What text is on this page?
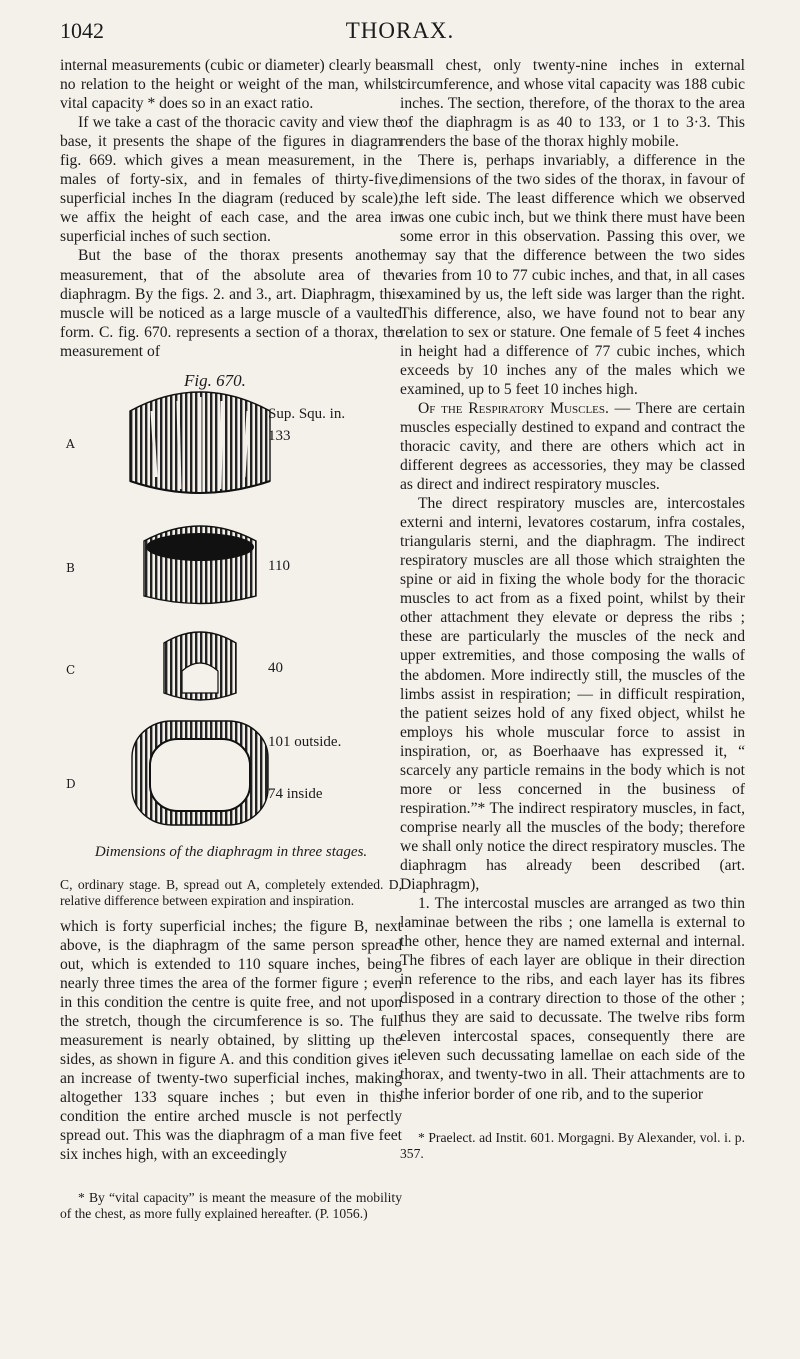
1042	THORAX.

internal measurements (cubic or diameter) clearly bear no relation to the height or weight of the man, whilst vital capacity * does so in an exact ratio.

If we take a cast of the thoracic cavity and view the base, it presents the shape of the figures in diagram fig. 669. which gives a mean measurement, in the males of forty-six, and in females of thirty-five, superficial inches In the diagram (reduced by scale), we affix the height of each case, and the area in superficial inches of such section.

But the base of the thorax presents another measurement, that of the absolute area of the diaphragm. By the figs. 2. and 3., art. Diaphragm, this muscle will be noticed as a large muscle of a vaulted form. C. fig. 670. represents a section of a thorax, the measurement of

Fig. 670.
Sup. Squ. in.
A	133
B	110
C	40
D
101 outside.
74 inside
Dimensions of the diaphragm in three stages.

C, ordinary stage. B, spread out A, completely extended. D, relative difference between expiration and inspiration.

which is forty superficial inches; the figure B, next above, is the diaphragm of the same person spread out, which is extended to 110 square inches, being nearly three times the area of the former figure ; even in this condition the centre is quite free, and not upon the stretch, though the circumference is so. The full measurement is nearly obtained, by slitting up the sides, as shown in figure A. and this condition gives it an increase of twenty-two superficial inches, making altogether 133 square inches ; but even in this condition the entire arched muscle is not perfectly spread out. This was the diaphragm of a man five feet six inches high, with an exceedingly

* By “vital capacity” is meant the measure of the mobility of the chest, as more fully explained hereafter. (P. 1056.)

small chest, only twenty-nine inches in external circumference, and whose vital capacity was 188 cubic inches. The section, therefore, of the thorax to the area of the diaphragm is as 40 to 133, or 1 to 3·3. This renders the base of the thorax highly mobile.

There is, perhaps invariably, a difference in the dimensions of the two sides of the thorax, in favour of the left side. The least difference which we observed was one cubic inch, but we think there must have been some error in this observation. Passing this over, we may say that the difference between the two sides varies from 10 to 77 cubic inches, and that, in all cases examined by us, the left side was larger than the right. This difference, also, we have found not to bear any relation to sex or stature. One female of 5 feet 4 inches in height had a difference of 77 cubic inches, which exceeds by 10 inches any of the males which we examined, up to 5 feet 10 inches high.

Of the Respiratory Muscles. — There are certain muscles especially destined to expand and contract the thoracic cavity, and there are others which act in different degrees as accessories, they may be classed as direct and indirect respiratory muscles.

The direct respiratory muscles are, intercostales externi and interni, levatores costarum, infra costales, triangularis sterni, and the diaphragm. The indirect respiratory muscles are all those which straighten the spine or aid in fixing the whole body for the thoracic muscles to act from as a fixed point, whilst by their other attachment they elevate or depress the ribs ; these are particularly the muscles of the neck and upper extremities, and those composing the walls of the abdomen. More indirectly still, the muscles of the limbs assist in respiration; — in difficult respiration, the patient seizes hold of any fixed object, whilst he employs his whole muscular force to assist in inspiration, or, as Boerhaave has expressed it, “ scarcely any particle remains in the body which is not more or less concerned in the business of respiration.”* The indirect respiratory muscles, in fact, comprise nearly all the muscles of the body; therefore we shall only notice the direct respiratory muscles. The diaphragm has already been described (art. Diaphragm),

1. The intercostal muscles are arranged as two thin laminae between the ribs ; one lamella is external to the other, hence they are named external and internal. The fibres of each layer are oblique in their direction in reference to the ribs, and each layer has its fibres disposed in a contrary direction to those of the other ; thus they are said to decussate. The twelve ribs form eleven intercostal spaces, consequently there are eleven such decussating lamellae on each side of the thorax, and twenty-two in all. Their attachments are to the inferior border of one rib, and to the superior

* Praelect. ad Instit. 601. Morgagni. By Alexander, vol. i. p. 357.
